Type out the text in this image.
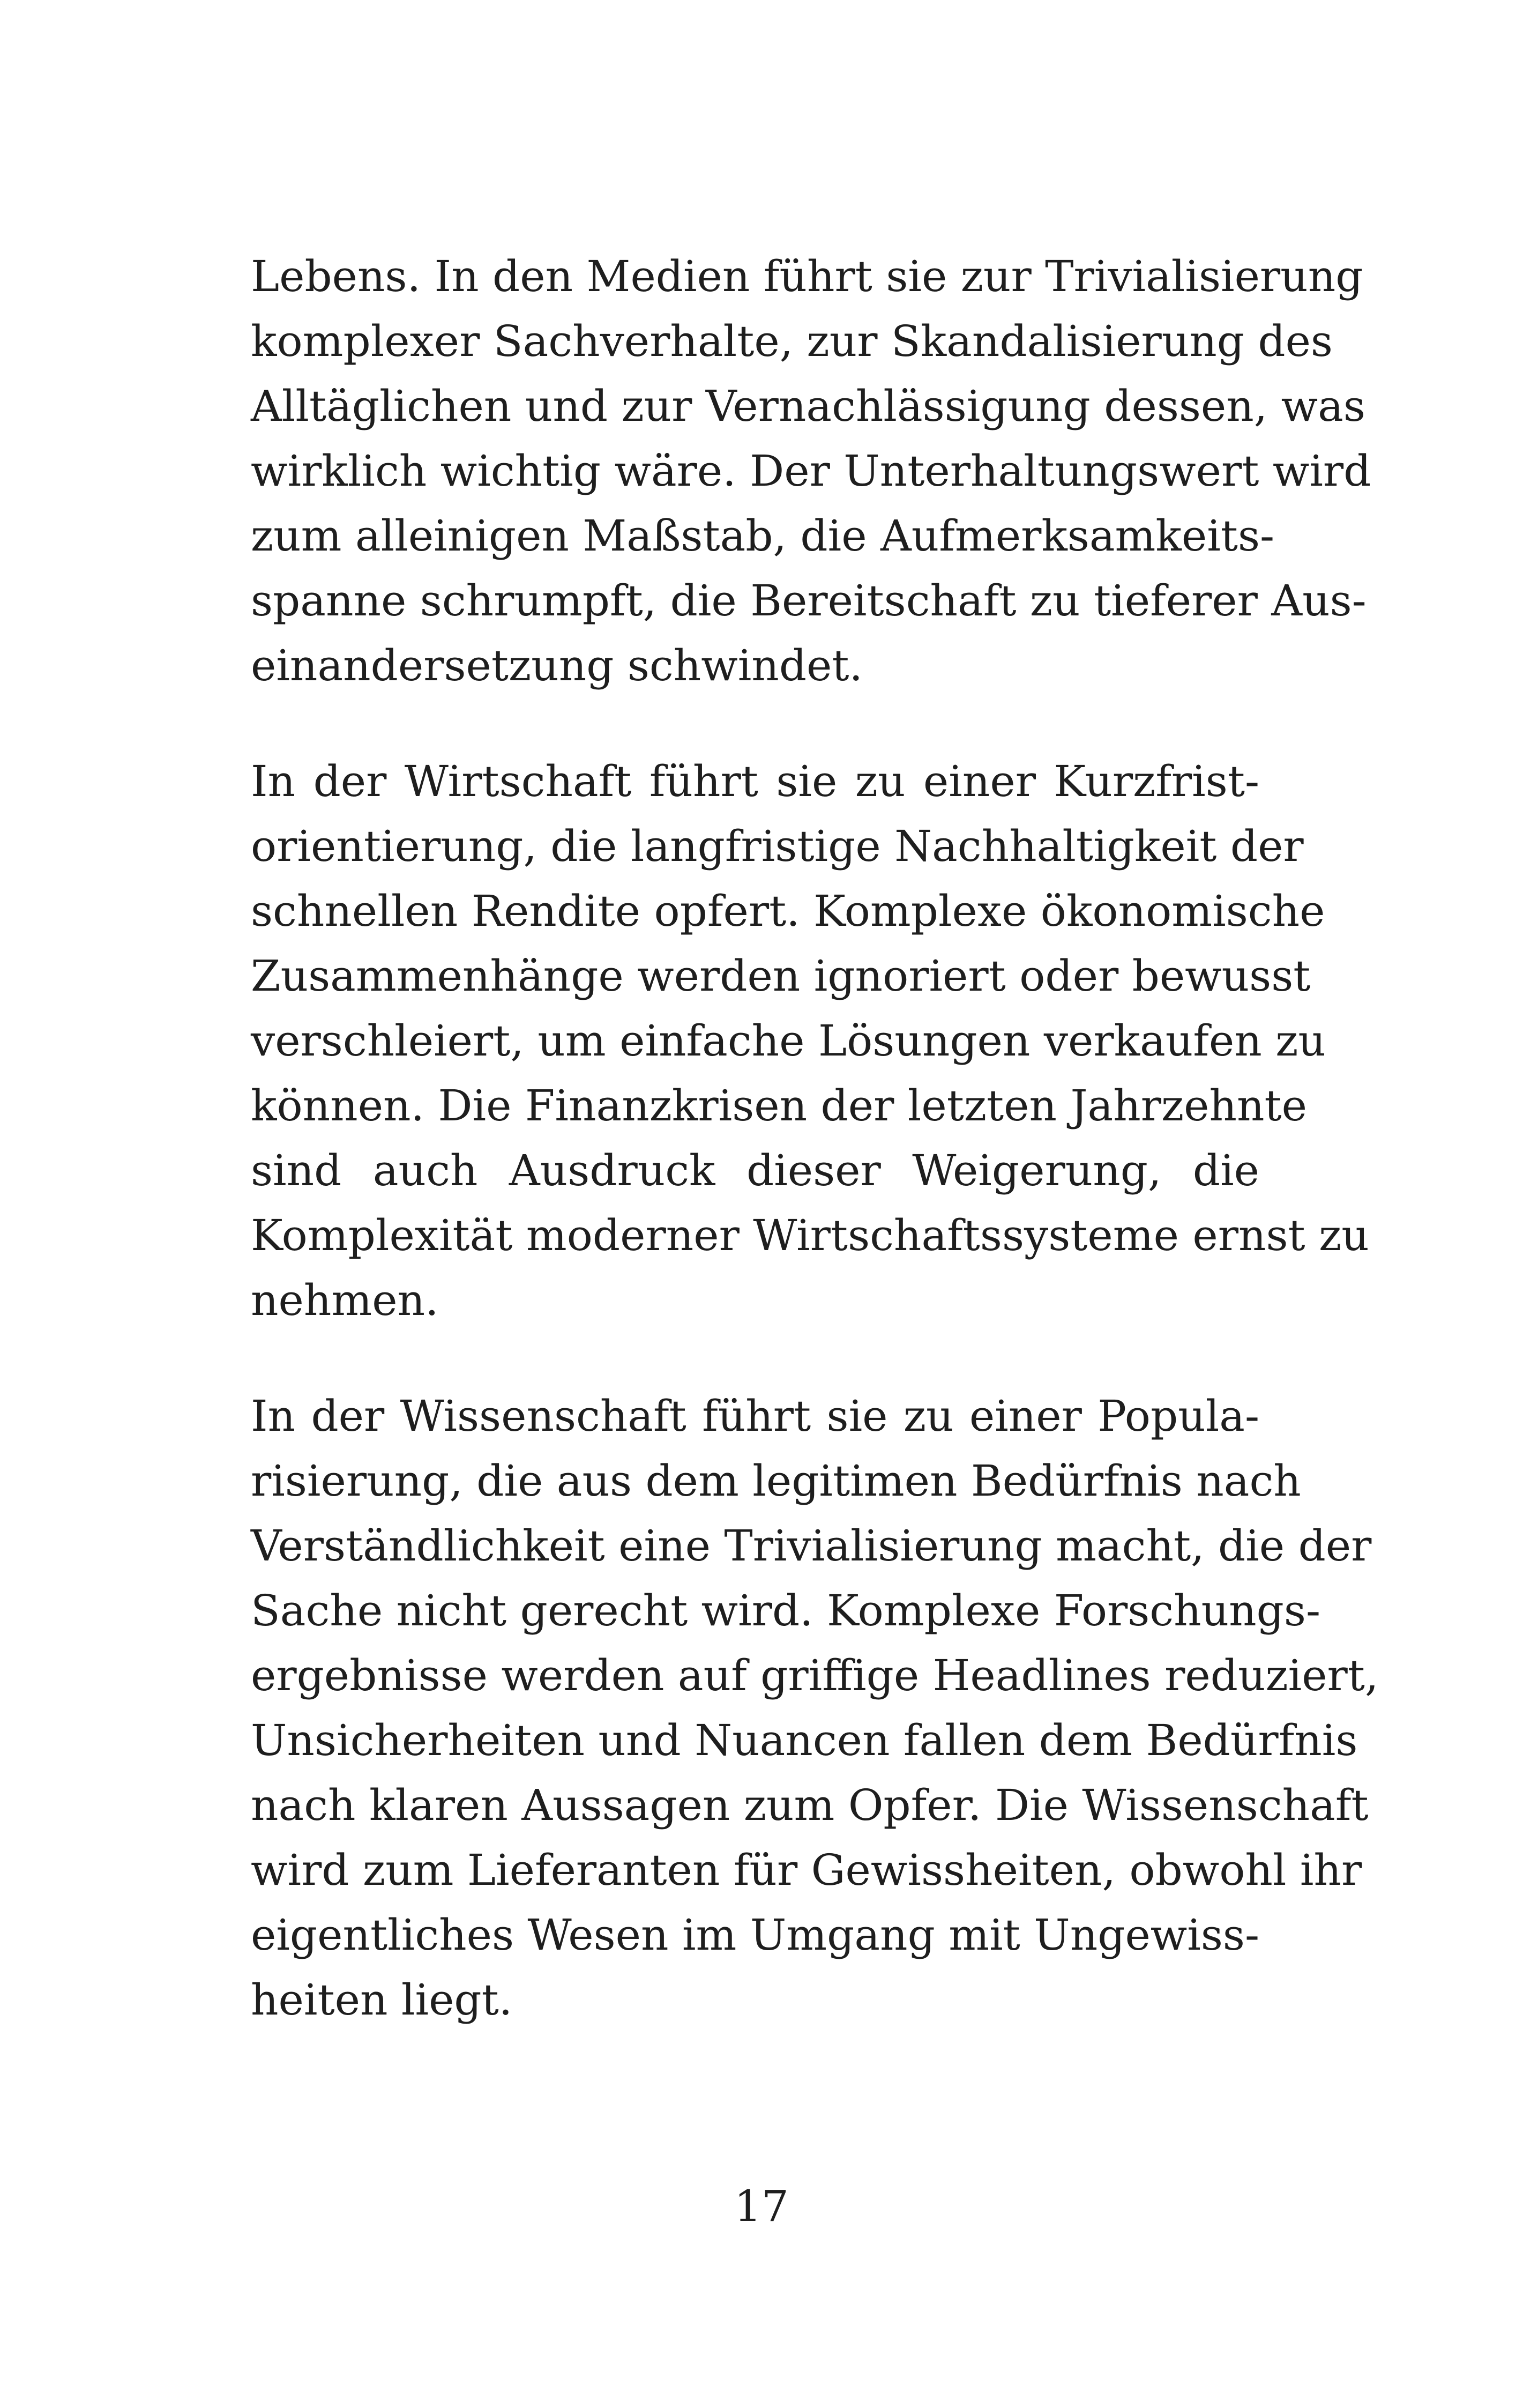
Lebens. In den Medien führt sie zur Trivialisierung
komplexer Sachverhalte, zur Skandalisierung des
Alltäglichen und zur Vernachlässigung dessen, was
wirklich wichtig wäre. Der Unterhaltungswert wird
zum alleinigen Maßstab, die Aufmerksamkeits-
spanne schrumpft, die Bereitschaft zu tieferer Aus-
einandersetzung schwindet.

In der Wirtschaft führt sie zu einer Kurzfrist-
orientierung, die langfristige Nachhaltigkeit der
schnellen Rendite opfert. Komplexe ökonomische
Zusammenhänge werden ignoriert oder bewusst
verschleiert, um einfache Lösungen verkaufen zu
können. Die Finanzkrisen der letzten Jahrzehnte
sind auch Ausdruck dieser Weigerung, die
Komplexität moderner Wirtschaftssysteme ernst zu
nehmen.

In der Wissenschaft führt sie zu einer Popula-
risierung, die aus dem legitimen Bedürfnis nach
Verständlichkeit eine Trivialisierung macht, die der
Sache nicht gerecht wird. Komplexe Forschungs-
ergebnisse werden auf griffige Headlines reduziert,
Unsicherheiten und Nuancen fallen dem Bedürfnis
nach klaren Aussagen zum Opfer. Die Wissenschaft
wird zum Lieferanten für Gewissheiten, obwohl ihr
eigentliches Wesen im Umgang mit Ungewiss-
heiten liegt.

17
